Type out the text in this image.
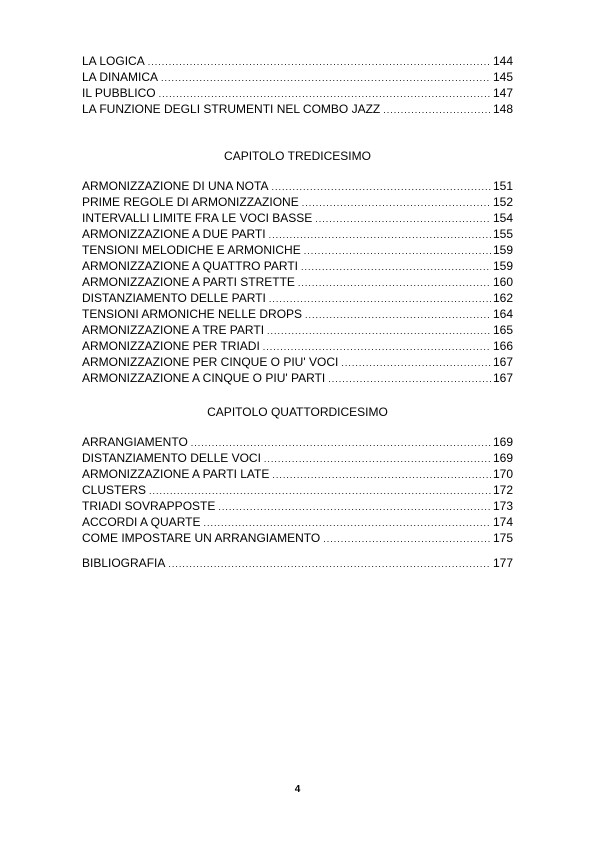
LA LOGICA .....	144
LA DINAMICA .....	145
IL PUBBLICO .....	147
LA FUNZIONE DEGLI STRUMENTI NEL COMBO JAZZ .....	148
CAPITOLO TREDICESIMO
ARMONIZZAZIONE DI UNA NOTA .....	151
PRIME REGOLE DI ARMONIZZAZIONE .....	152
INTERVALLI LIMITE FRA LE VOCI BASSE .....	154
ARMONIZZAZIONE A DUE PARTI .....	155
TENSIONI MELODICHE E ARMONICHE .....	159
ARMONIZZAZIONE A QUATTRO PARTI .....	159
ARMONIZZAZIONE A PARTI STRETTE .....	160
DISTANZIAMENTO DELLE PARTI .....	162
TENSIONI ARMONICHE NELLE DROPS .....	164
ARMONIZZAZIONE A TRE PARTI .....	165
ARMONIZZAZIONE PER TRIADI .....	166
ARMONIZZAZIONE PER CINQUE O PIU' VOCI .....	167
ARMONIZZAZIONE A CINQUE O PIU' PARTI .....	167
CAPITOLO QUATTORDICESIMO
ARRANGIAMENTO .....	169
DISTANZIAMENTO DELLE VOCI .....	169
ARMONIZZAZIONE A PARTI LATE .....	170
CLUSTERS .....	172
TRIADI SOVRAPPOSTE .....	173
ACCORDI A QUARTE .....	174
COME IMPOSTARE UN ARRANGIAMENTO .....	175
BIBLIOGRAFIA .....	177
4
